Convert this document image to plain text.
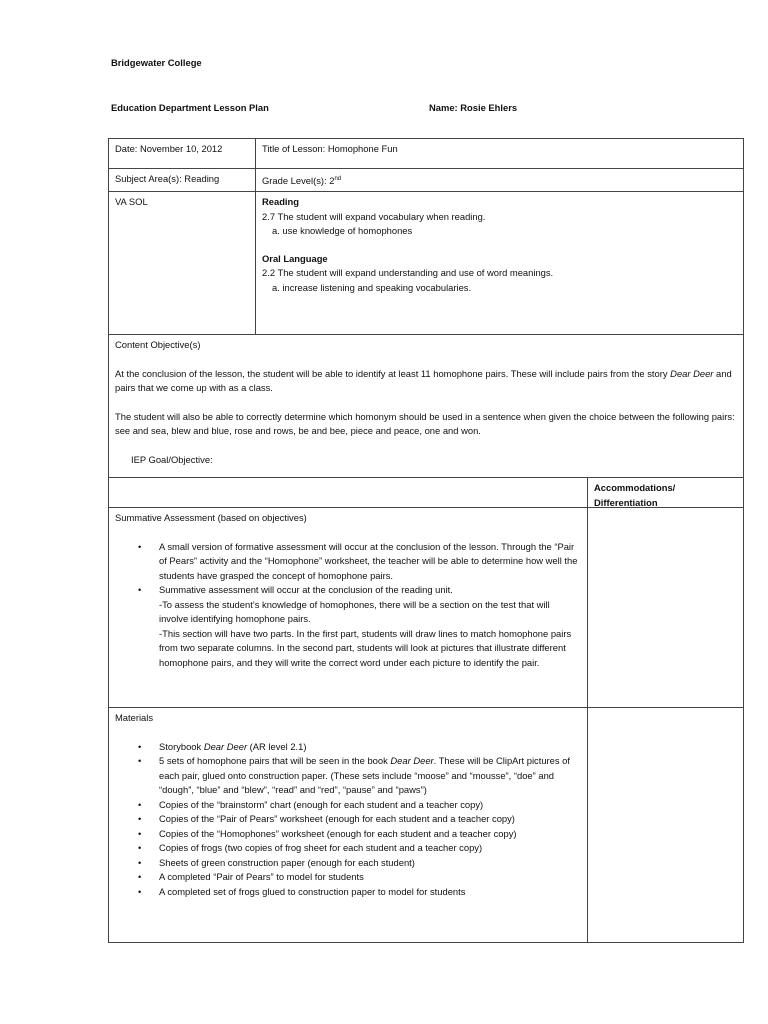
Bridgewater College
Education Department Lesson Plan	Name: Rosie Ehlers
Date: November 10, 2012	Title of Lesson: Homophone Fun
Subject Area(s): Reading	Grade Level(s): 2nd
VA SOL	Reading
2.7 The student will expand vocabulary when reading.
a. use knowledge of homophones
Oral Language
2.2 The student will expand understanding and use of word meanings.
a. increase listening and speaking vocabularies.
Content Objective(s)

At the conclusion of the lesson, the student will be able to identify at least 11 homophone pairs. These will include pairs from the story Dear Deer and pairs that we come up with as a class.

The student will also be able to correctly determine which homonym should be used in a sentence when given the choice between the following pairs: see and sea, blew and blue, rose and rows, be and bee, piece and peace, one and won.

IEP Goal/Objective:
Accommodations/
Differentiation
Summative Assessment (based on objectives)
• A small version of formative assessment will occur at the conclusion of the lesson. Through the “Pair of Pears” activity and the “Homophone” worksheet, the teacher will be able to determine how well the students have grasped the concept of homophone pairs.
• Summative assessment will occur at the conclusion of the reading unit.
-To assess the student’s knowledge of homophones, there will be a section on the test that will involve identifying homophone pairs.
-This section will have two parts. In the first part, students will draw lines to match homophone pairs from two separate columns. In the second part, students will look at pictures that illustrate different homophone pairs, and they will write the correct word under each picture to identify the pair.
Materials
• Storybook Dear Deer (AR level 2.1)
• 5 sets of homophone pairs that will be seen in the book Dear Deer. These will be ClipArt pictures of each pair, glued onto construction paper. (These sets include “moose” and “mousse”, “doe” and “dough”, “blue” and “blew”, “read” and “red”, “pause” and “paws”)
• Copies of the “brainstorm” chart (enough for each student and a teacher copy)
• Copies of the “Pair of Pears” worksheet (enough for each student and a teacher copy)
• Copies of the “Homophones” worksheet (enough for each student and a teacher copy)
• Copies of frogs (two copies of frog sheet for each student and a teacher copy)
• Sheets of green construction paper (enough for each student)
• A completed “Pair of Pears” to model for students
• A completed set of frogs glued to construction paper to model for students
